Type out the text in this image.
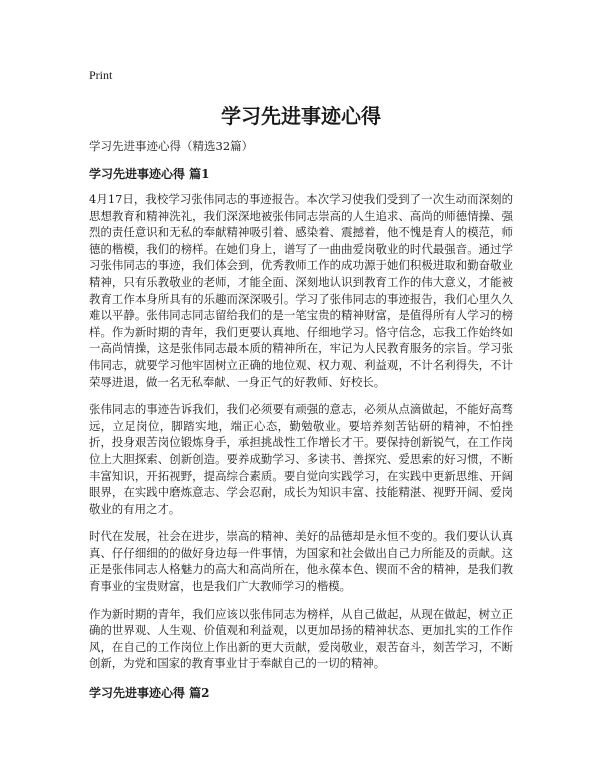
Print
学习先进事迹心得
学习先进事迹心得（精选32篇）
学习先进事迹心得 篇1

4月17日，我校学习张伟同志的事迹报告。本次学习使我们受到了一次生动而深刻的思想教育和精神洗礼，我们深深地被张伟同志崇高的人生追求、高尚的师德情操、强烈的责任意识和无私的奉献精神吸引着、感染着、震撼着，他不愧是育人的模范，师德的楷模，我们的榜样。在她们身上，谱写了一曲曲爱岗敬业的时代最强音。通过学习张伟同志的事迹，我们体会到，优秀教师工作的成功源于她们积极进取和勤奋敬业精神，只有乐教敬业的老师，才能全面、深刻地认识到教育工作的伟大意义，才能被教育工作本身所具有的乐趣而深深吸引。学习了张伟同志的事迹报告，我们心里久久难以平静。张伟同志同志留给我们的是一笔宝贵的精神财富，是值得所有人学习的榜样。作为新时期的青年，我们更要认真地、仔细地学习。恪守信念，忘我工作始终如一高尚情操，这是张伟同志最本质的精神所在，牢记为人民教育服务的宗旨。学习张伟同志，就要学习他牢固树立正确的地位观、权力观、利益观，不计名利得失，不计荣辱进退，做一名无私奉献、一身正气的好教师、好校长。

张伟同志的事迹告诉我们，我们必须要有顽强的意志，必须从点滴做起，不能好高骛远，立足岗位，脚踏实地，端正心态，勤勉敬业。要培养刻苦钻研的精神，不怕挫折，投身艰苦岗位锻炼身手，承担挑战性工作增长才干。要保持创新锐气，在工作岗位上大胆探索、创新创造。要养成勤学习、多读书、善探究、爱思索的好习惯，不断丰富知识，开拓视野，提高综合素质。要自觉向实践学习，在实践中更新思维、开阔眼界，在实践中磨炼意志、学会忍耐，成长为知识丰富、技能精湛、视野开阔、爱岗敬业的有用之才。

时代在发展，社会在进步，崇高的精神、美好的品德却是永恒不变的。我们要认认真真、仔仔细细的的做好身边每一件事情，为国家和社会做出自己力所能及的贡献。这正是张伟同志人格魅力的高大和高尚所在，他永葆本色、锲而不舍的精神，是我们教育事业的宝贵财富，也是我们广大教师学习的楷模。

作为新时期的青年，我们应该以张伟同志为榜样，从自己做起，从现在做起，树立正确的世界观、人生观、价值观和利益观，以更加昂扬的精神状态、更加扎实的工作作风，在自己的工作岗位上作出新的更大贡献，爱岗敬业，艰苦奋斗，刻苦学习，不断创新，为党和国家的教育事业甘于奉献自己的一切的精神。

学习先进事迹心得 篇2
